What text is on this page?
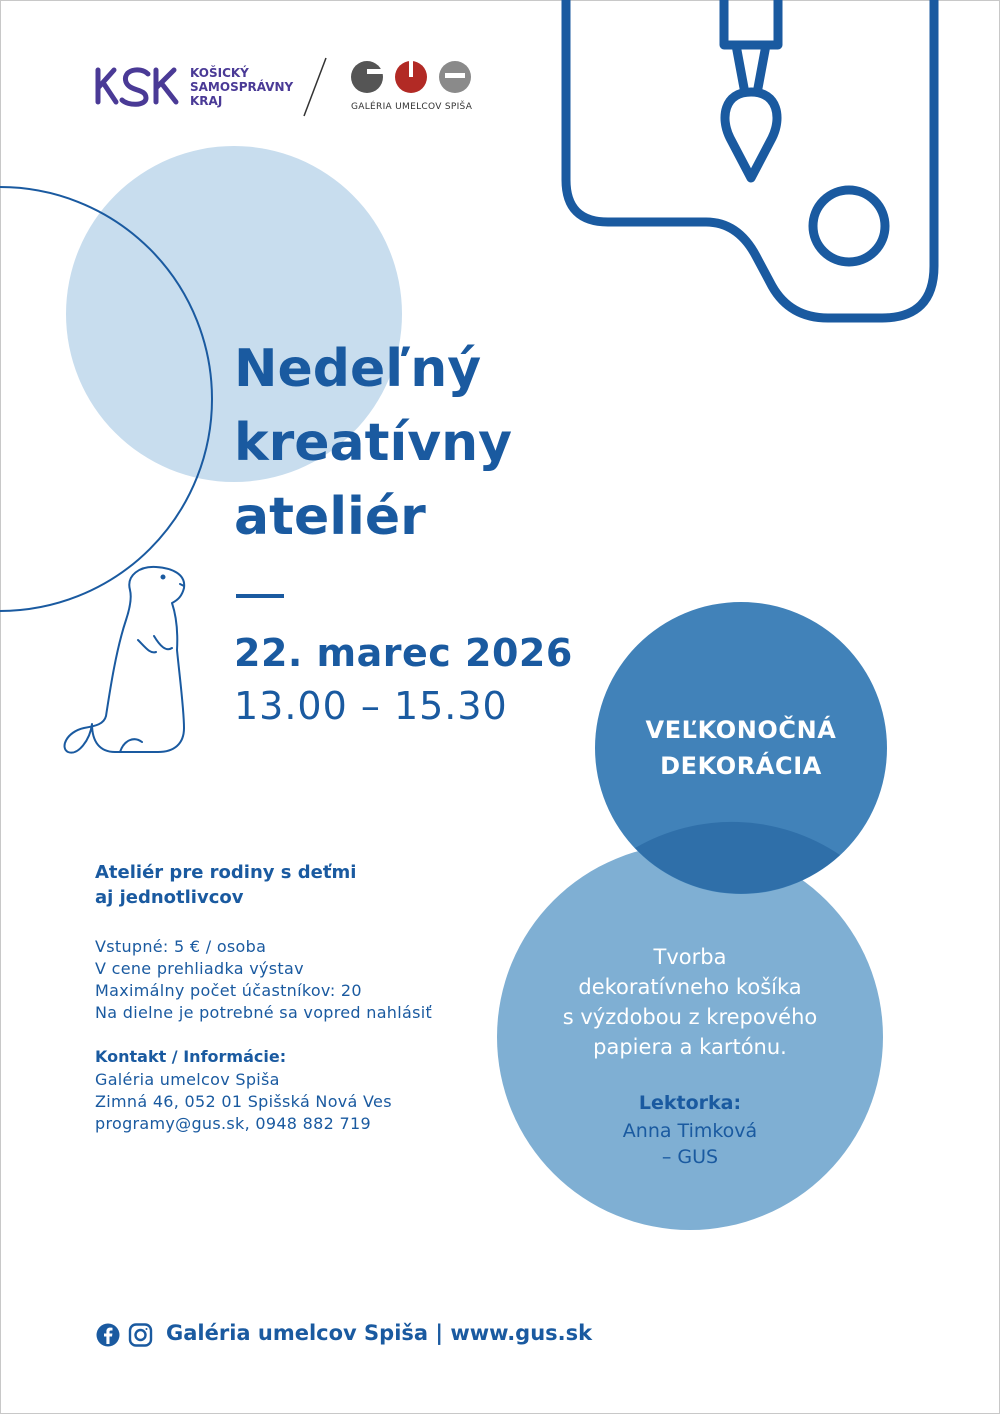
KOŠICKÝ
SAMOSPRÁVNY
KRAJ	GALÉRIA UMELCOV SPIŠA
Nedeľný
kreatívny
ateliér
22. marec 2026
13.00 – 15.30
VEĽKONOČNÁ
DEKORÁCIA
Tvorba
dekoratívneho košíka
s výzdobou z krepového
papiera a kartónu.
Lektorka:
Anna Timková
– GUS
Ateliér pre rodiny s deťmi
aj jednotlivcov
Vstupné: 5 € / osoba
V cene prehliadka výstav
Maximálny počet účastníkov: 20
Na dielne je potrebné sa vopred nahlásiť
Kontakt / Informácie:
Galéria umelcov Spiša
Zimná 46, 052 01 Spišská Nová Ves
programy@gus.sk, 0948 882 719
Galéria umelcov Spiša | www.gus.sk
